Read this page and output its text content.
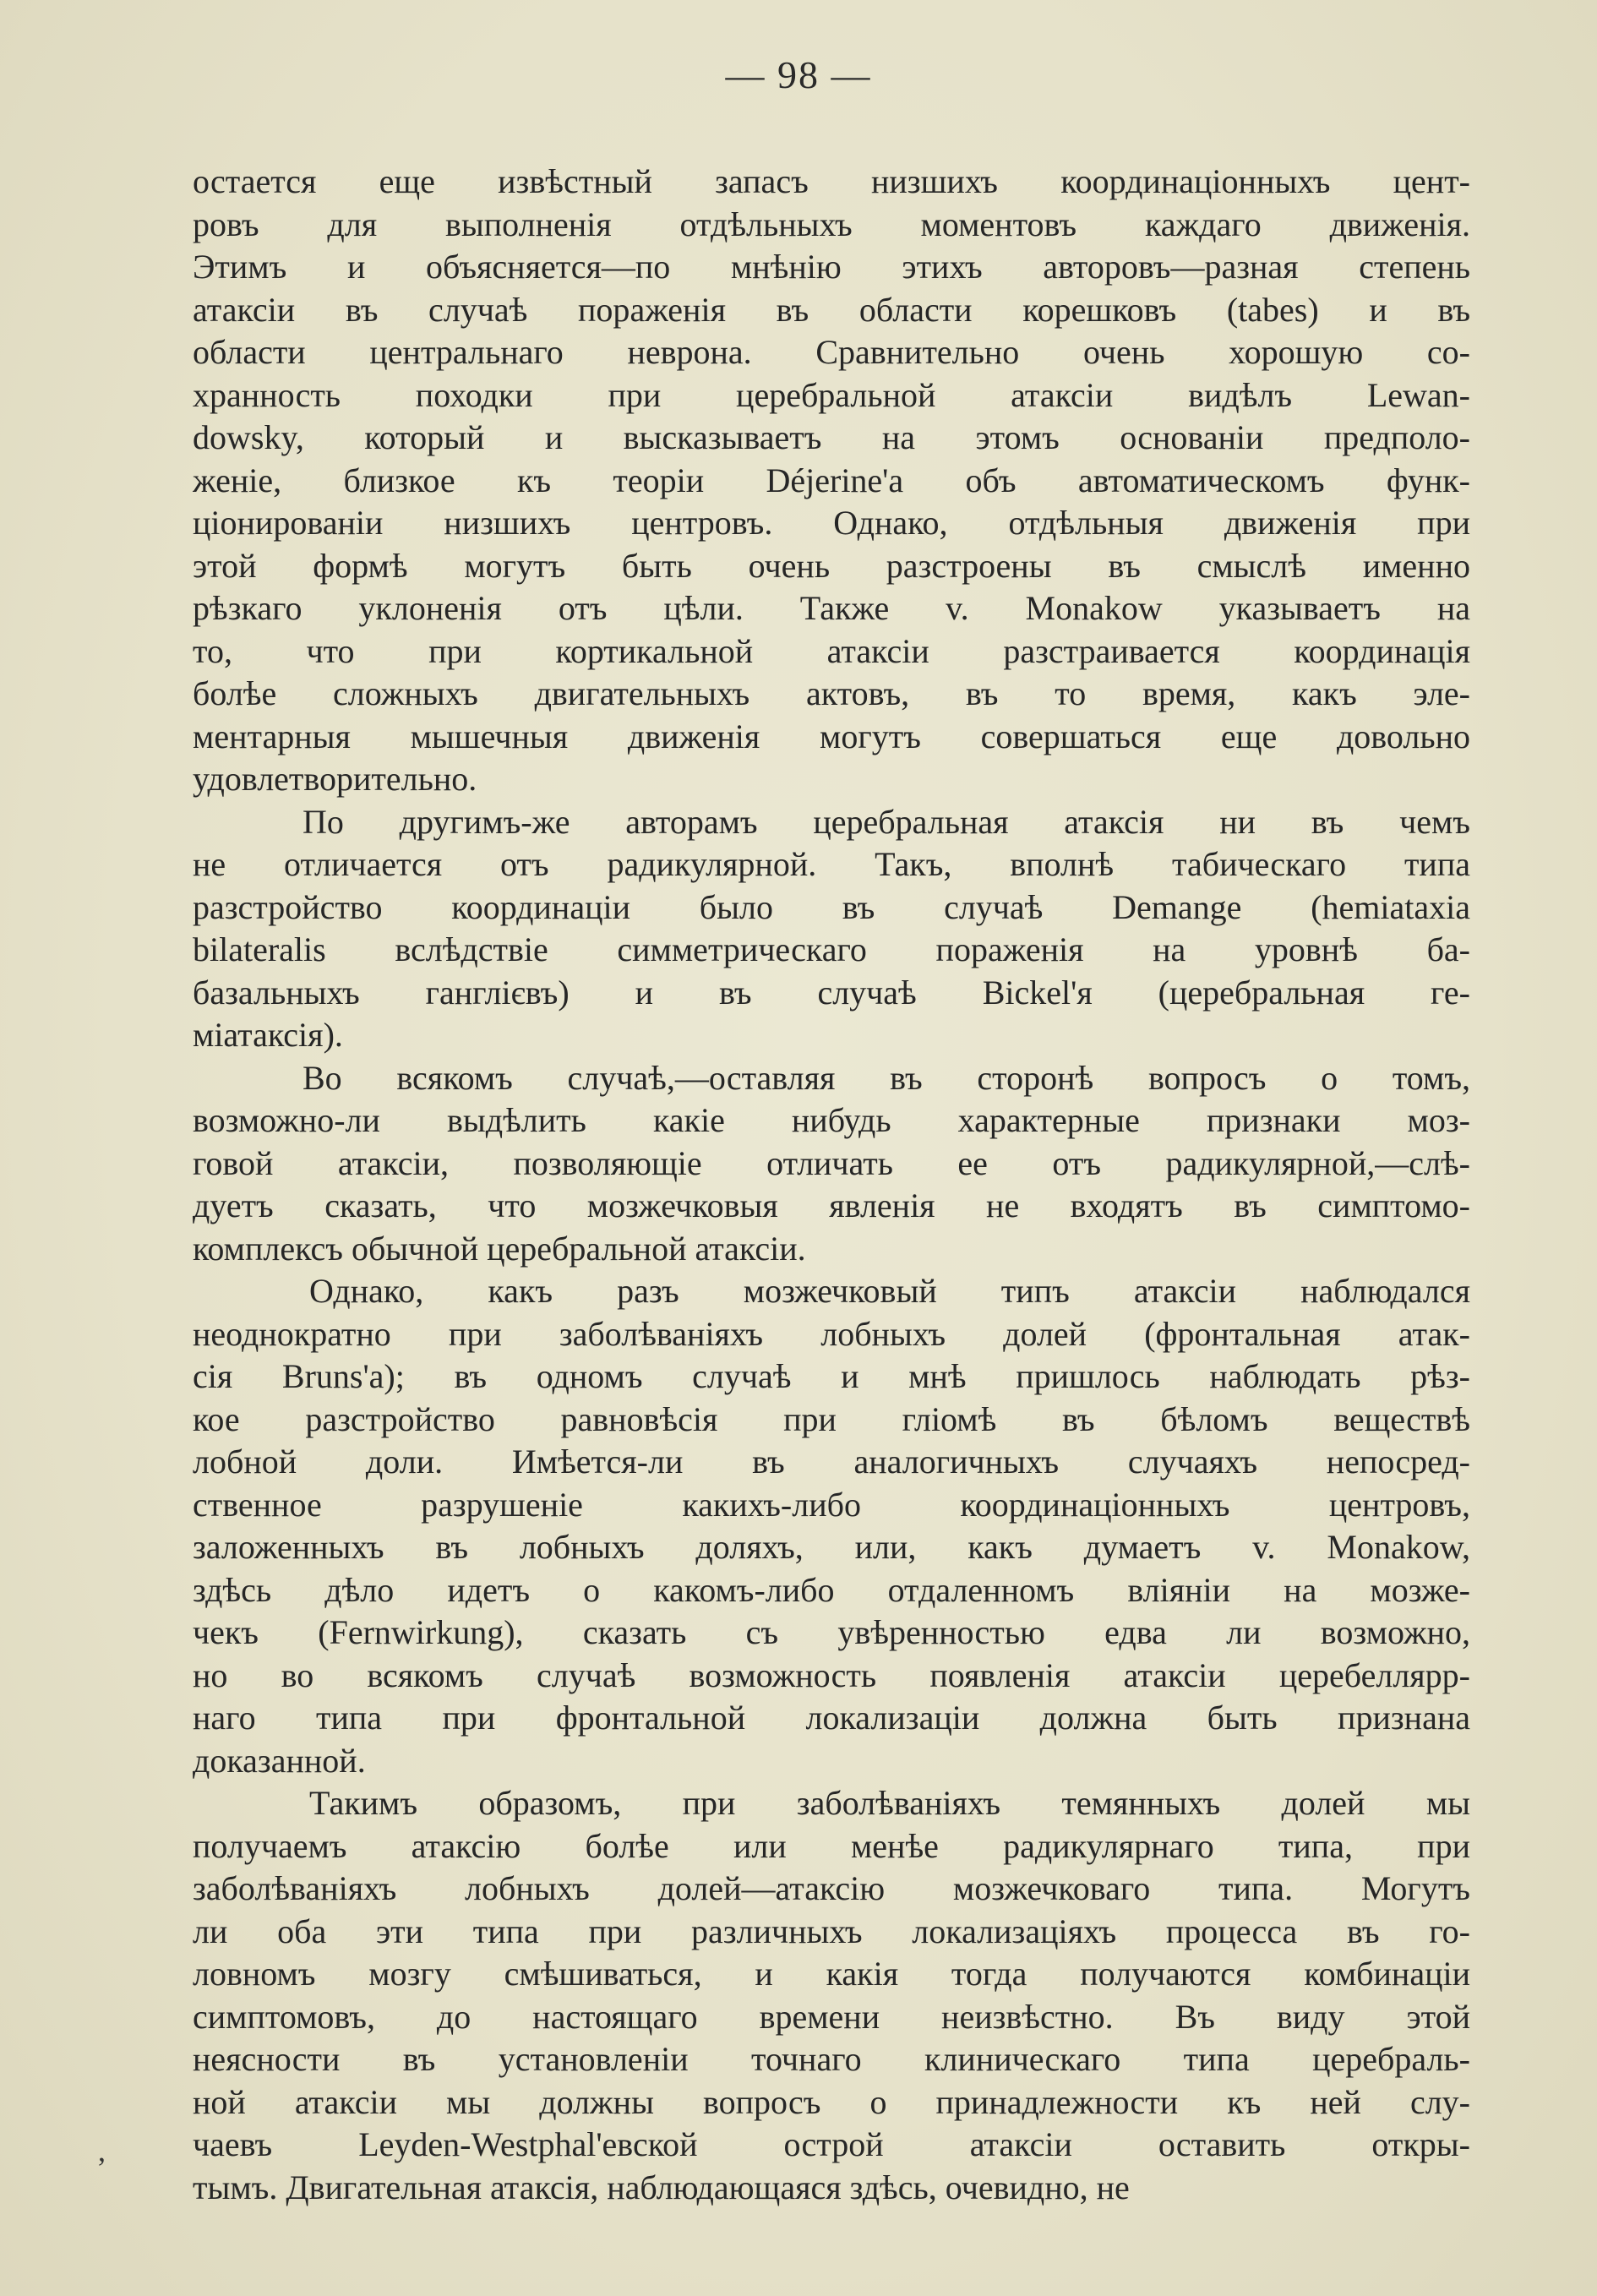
— 98 —
остается еще извѣстный запасъ низшихъ координаціонныхъ цент-
ровъ для выполненія отдѣльныхъ моментовъ каждаго движенія.
Этимъ и объясняется—по мнѣнію этихъ авторовъ—разная степень
атаксіи въ случаѣ пораженія въ области корешковъ (tabes) и въ
области центральнаго неврона. Сравнительно очень хорошую со-
хранность походки при церебральной атаксіи видѣлъ Lewan-
dowsky, который и высказываетъ на этомъ основаніи предполо-
женіе, близкое къ теоріи Déjerine'а объ автоматическомъ функ-
ціонированіи низшихъ центровъ. Однако, отдѣльныя движенія при
этой формѣ могутъ быть очень разстроены въ смыслѣ именно
рѣзкаго уклоненія отъ цѣли. Также v. Monakow указываетъ на
то, что при кортикальной атаксіи разстраивается координація
болѣе сложныхъ двигательныхъ актовъ, въ то время, какъ эле-
ментарныя мышечныя движенія могутъ совершаться еще довольно
удовлетворительно.
По другимъ-же авторамъ церебральная атаксія ни въ чемъ
не отличается отъ радикулярной. Такъ, вполнѣ табическаго типа
разстройство координаціи было въ случаѣ Demange (hemiataxia
bilateralis вслѣдствіе симметрическаго пораженія на уровнѣ ба-
базальныхъ ганглієвъ) и въ случаѣ Bickel'я (церебральная ге-
міатаксія).
Во всякомъ случаѣ,—оставляя въ сторонѣ вопросъ о томъ,
возможно-ли выдѣлить какіе нибудь характерные признаки моз-
говой атаксіи, позволяющіе отличать ее отъ радикулярной,—слѣ-
дуетъ сказать, что мозжечковыя явленія не входятъ въ симптомо-
комплексъ обычной церебральной атаксіи.
Однако, какъ разъ мозжечковый типъ атаксіи наблюдался
неоднократно при заболѣваніяхъ лобныхъ долей (фронтальная атак-
сія Bruns'а); въ одномъ случаѣ и мнѣ пришлось наблюдать рѣз-
кое разстройство равновѣсія при гліомѣ въ бѣломъ веществѣ
лобной доли. Имѣется-ли въ аналогичныхъ случаяхъ непосред-
ственное разрушеніе какихъ-либо координаціонныхъ центровъ,
заложенныхъ въ лобныхъ доляхъ, или, какъ думаетъ v. Monakow,
здѣсь дѣло идетъ о какомъ-либо отдаленномъ вліяніи на мозже-
чекъ (Fernwirkung), сказать съ увѣренностью едва ли возможно,
но во всякомъ случаѣ возможность появленія атаксіи церебеллярр-
наго типа при фронтальной локализаціи должна быть признана
доказанной.
Такимъ образомъ, при заболѣваніяхъ темянныхъ долей мы
получаемъ атаксію болѣе или менѣе радикулярнаго типа, при
заболѣваніяхъ лобныхъ долей—атаксію мозжечковаго типа. Могутъ
ли оба эти типа при различныхъ локализаціяхъ процесса въ го-
ловномъ мозгу смѣшиваться, и какія тогда получаются комбинаціи
симптомовъ, до настоящаго времени неизвѣстно. Въ виду этой
неясности въ установленіи точнаго клиническаго типа церебраль-
ной атаксіи мы должны вопросъ о принадлежности къ ней слу-
чаевъ Leyden-Westphal'евской острой атаксіи оставить откры-
тымъ. Двигательная атаксія, наблюдающаяся здѣсь, очевидно, не
,
